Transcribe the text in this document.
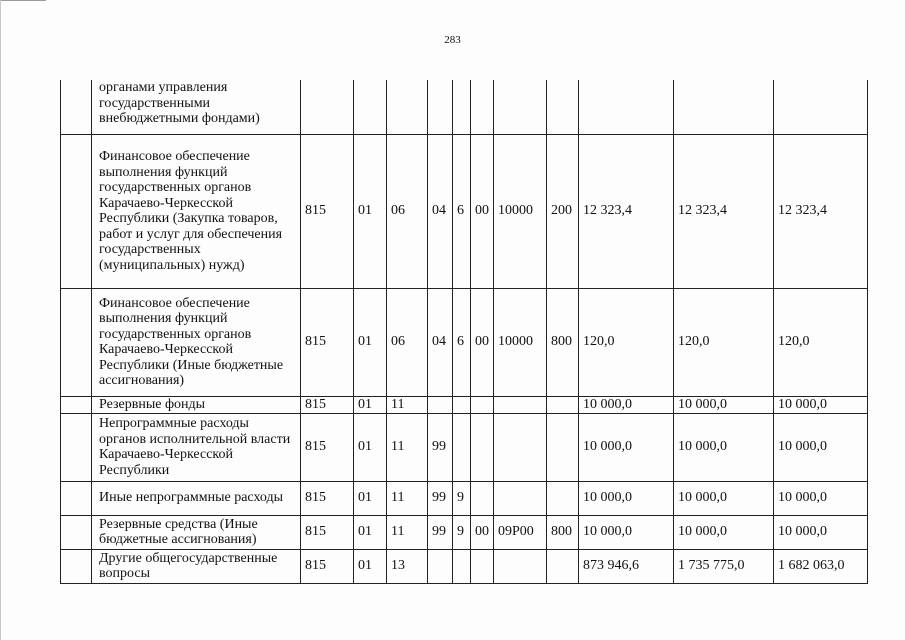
283
	органами управления государственными внебюджетными фондами)											
	Финансовое обеспечение выполнения функций государственных органов Карачаево-Черкесской Республики (Закупка товаров, работ и услуг для обеспечения государственных (муниципальных) нужд)	815	01	06	04	6	00	10000	200	12 323,4	12 323,4	12 323,4
	Финансовое обеспечение выполнения функций государственных органов Карачаево-Черкесской Республики (Иные бюджетные ассигнования)	815	01	06	04	6	00	10000	800	120,0	120,0	120,0
	Резервные фонды	815	01	11						10 000,0	10 000,0	10 000,0
	Непрограммные расходы органов исполнительной власти Карачаево-Черкесской Республики	815	01	11	99					10 000,0	10 000,0	10 000,0
	Иные непрограммные расходы	815	01	11	99	9				10 000,0	10 000,0	10 000,0
	Резервные средства (Иные бюджетные ассигнования)	815	01	11	99	9	00	09Р00	800	10 000,0	10 000,0	10 000,0
	Другие общегосударственные вопросы	815	01	13						873 946,6	1 735 775,0	1 682 063,0
